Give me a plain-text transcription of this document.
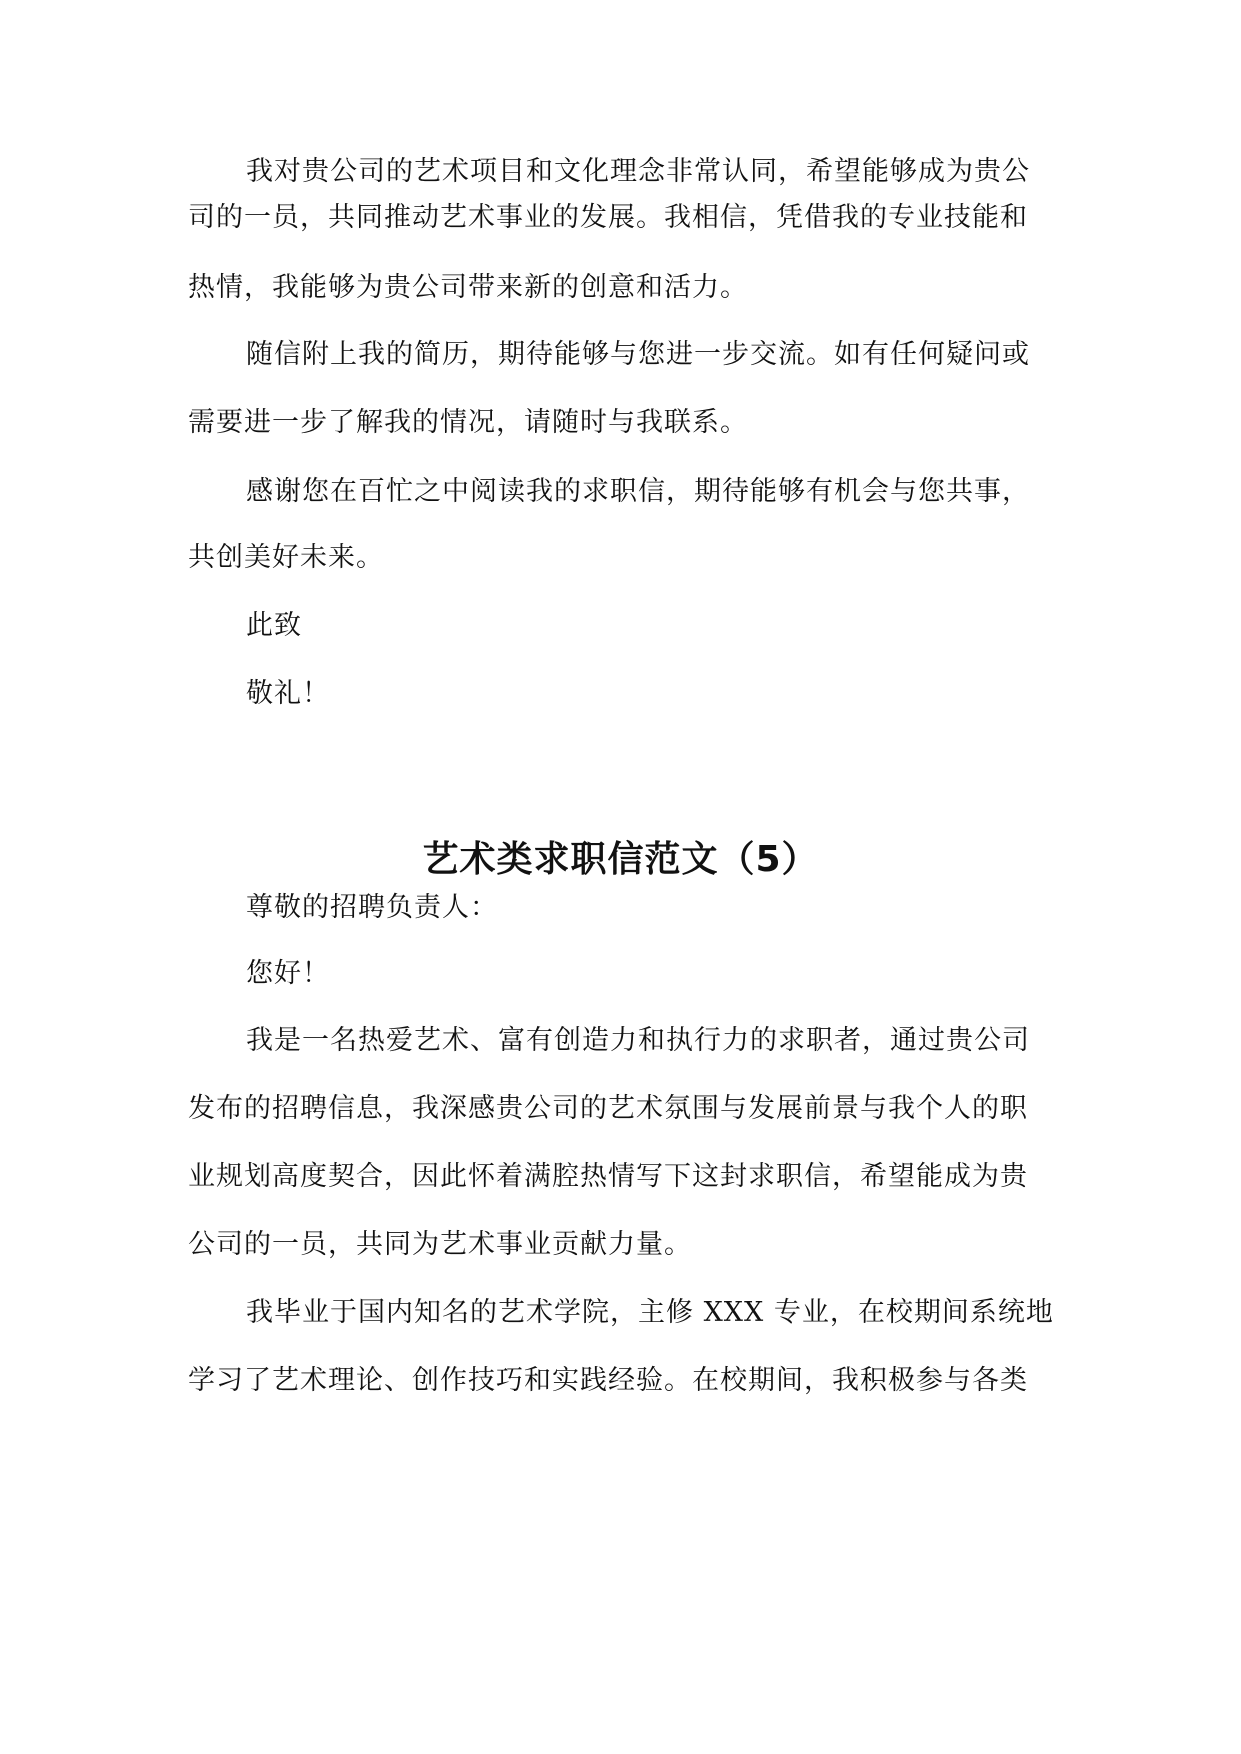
我对贵公司的艺术项目和文化理念非常认同，希望能够成为贵公

司的一员，共同推动艺术事业的发展。我相信，凭借我的专业技能和

热情，我能够为贵公司带来新的创意和活力。

随信附上我的简历，期待能够与您进一步交流。如有任何疑问或

需要进一步了解我的情况，请随时与我联系。

感谢您在百忙之中阅读我的求职信，期待能够有机会与您共事，

共创美好未来。

此致

敬礼！

艺术类求职信范文（5）

尊敬的招聘负责人：

您好！

我是一名热爱艺术、富有创造力和执行力的求职者，通过贵公司

发布的招聘信息，我深感贵公司的艺术氛围与发展前景与我个人的职

业规划高度契合，因此怀着满腔热情写下这封求职信，希望能成为贵

公司的一员，共同为艺术事业贡献力量。

我毕业于国内知名的艺术学院，主修 XXX 专业，在校期间系统地

学习了艺术理论、创作技巧和实践经验。在校期间，我积极参与各类
